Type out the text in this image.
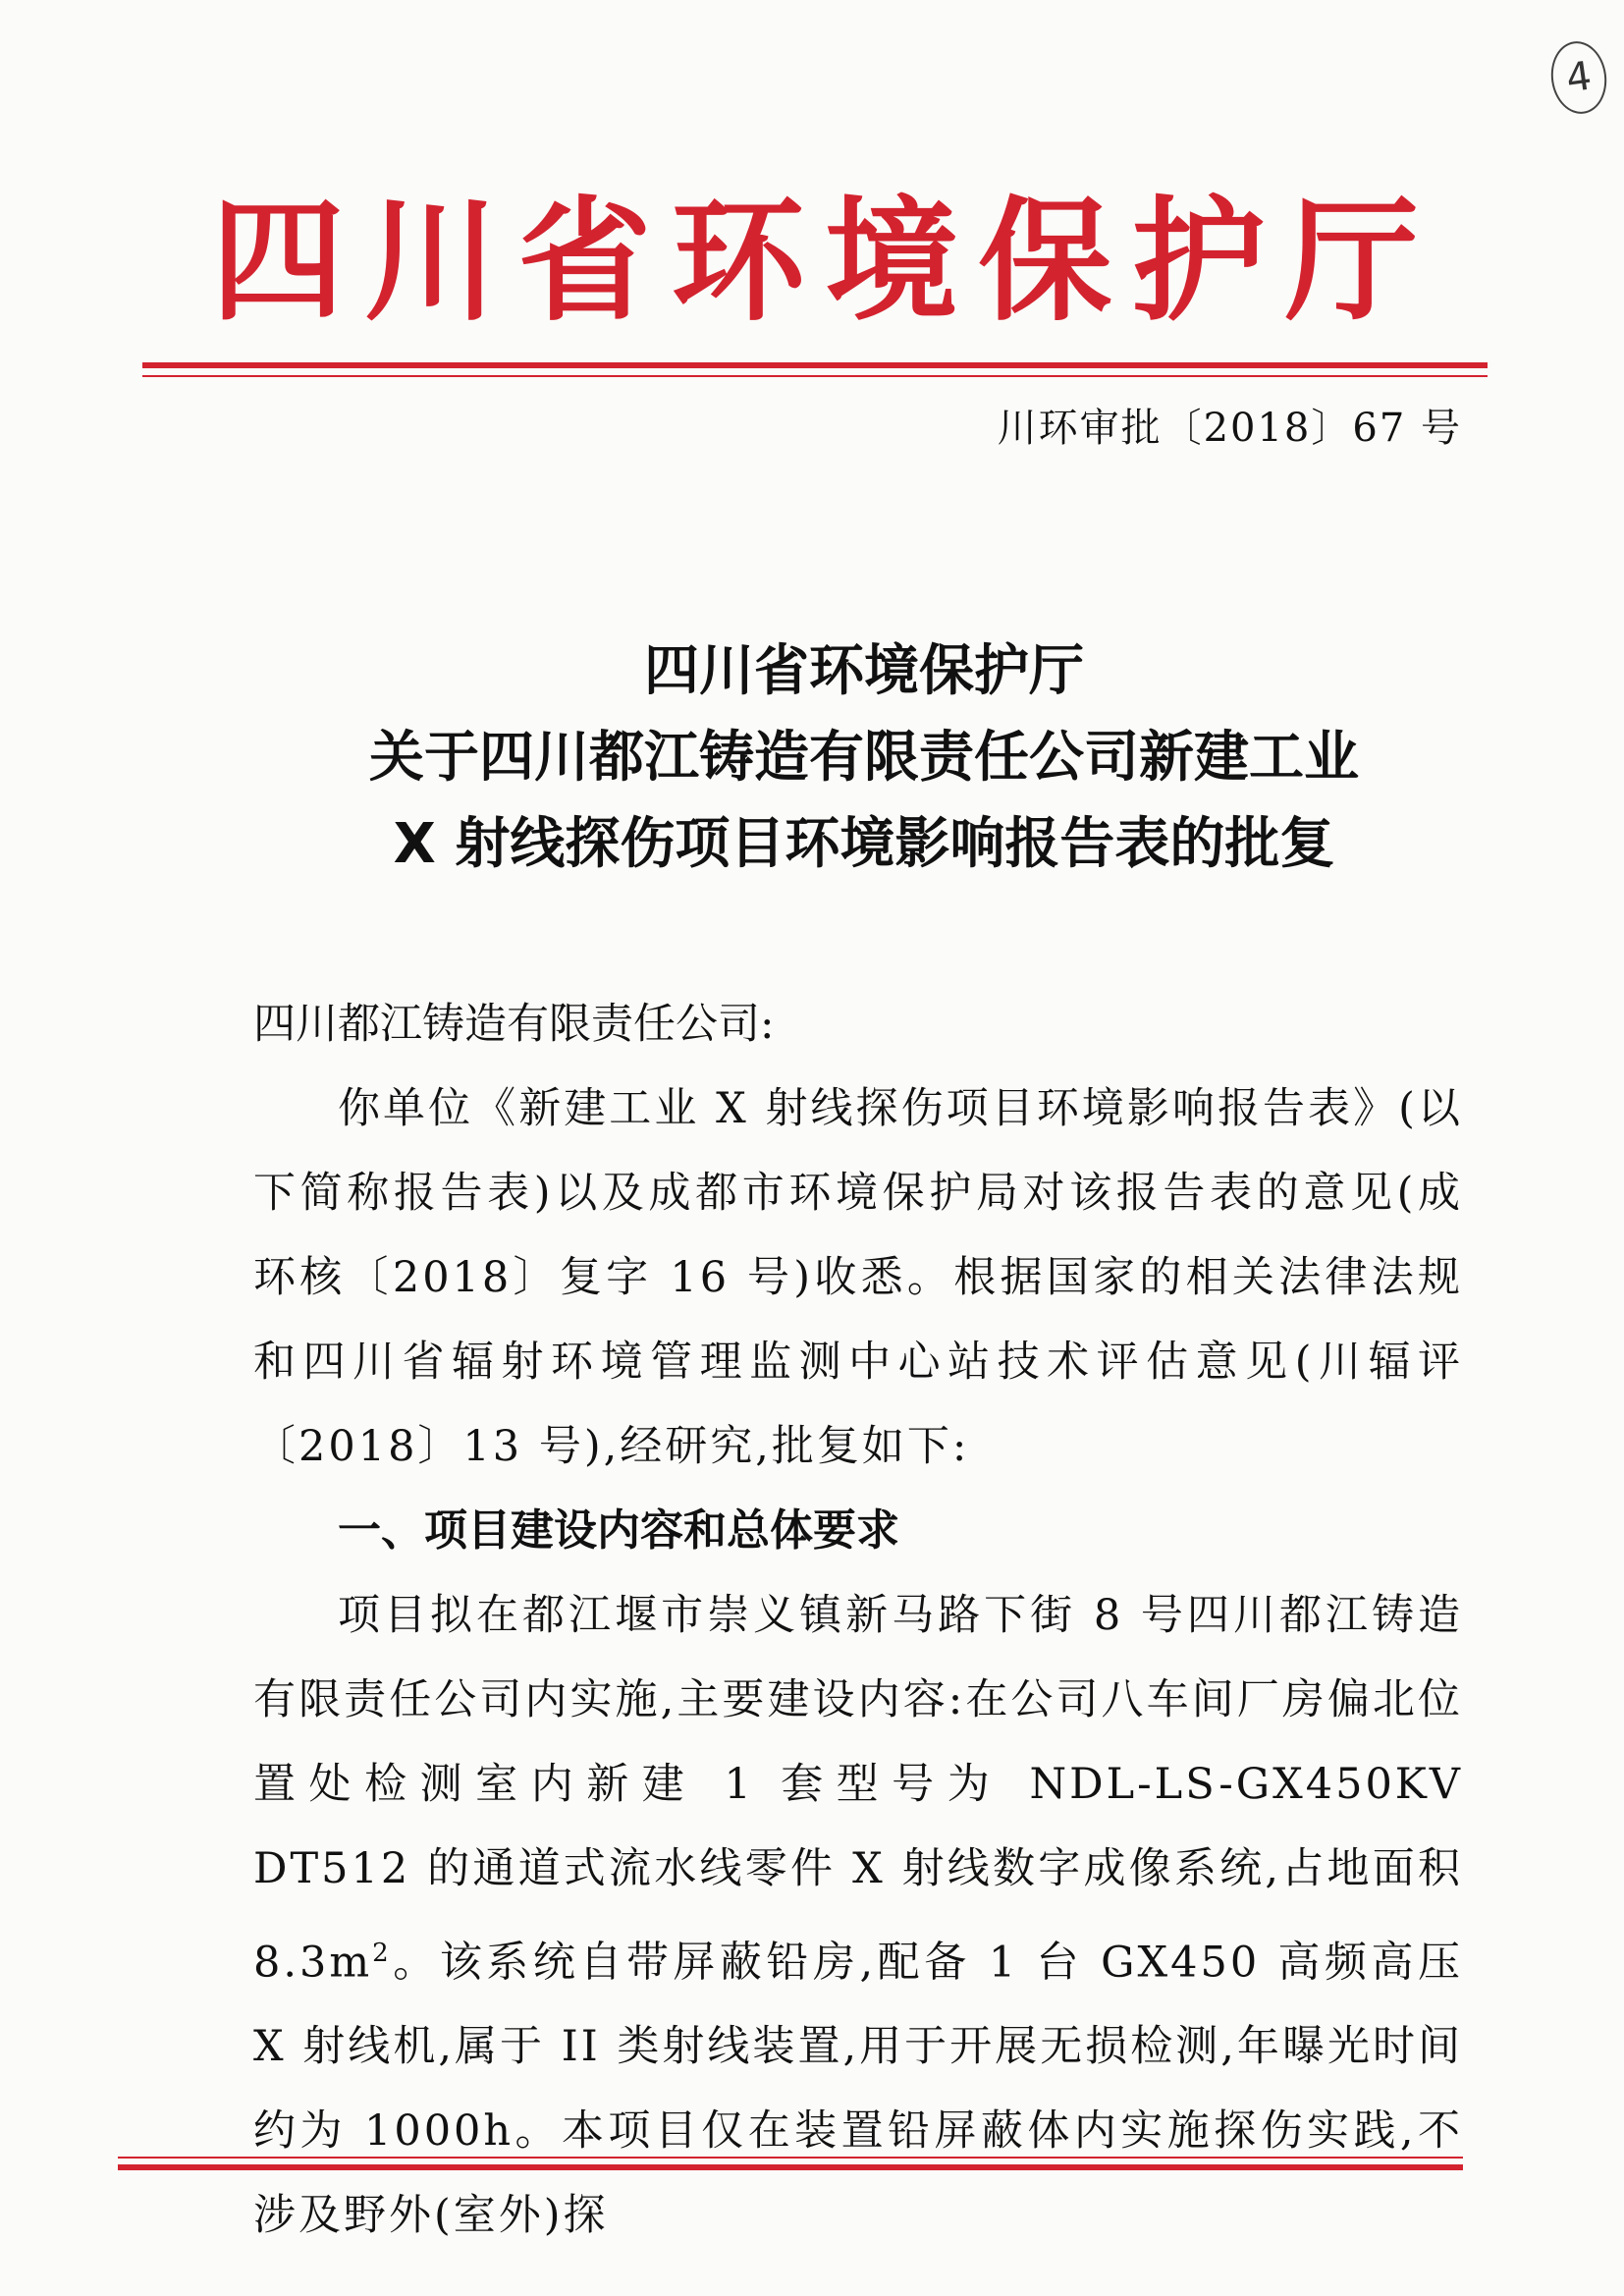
4
四 川 省 环 境 保 护 厅
川环审批〔2018〕67 号
四川省环境保护厅
关于四川都江铸造有限责任公司新建工业
X 射线探伤项目环境影响报告表的批复
四川都江铸造有限责任公司:
你单位《新建工业 X 射线探伤项目环境影响报告表》(以下简称报告表)以及成都市环境保护局对该报告表的意见(成环核〔2018〕复字 16 号)收悉。根据国家的相关法律法规和四川省辐射环境管理监测中心站技术评估意见(川辐评〔2018〕13 号),经研究,批复如下:
一、项目建设内容和总体要求
项目拟在都江堰市崇义镇新马路下街 8 号四川都江铸造有限责任公司内实施,主要建设内容:在公司八车间厂房偏北位置处检测室内新建 1 套型号为 NDL-LS-GX450KV DT512 的通道式流水线零件 X 射线数字成像系统,占地面积 $8.3m^2$。该系统自带屏蔽铅房,配备 1 台 GX450 高频高压 X 射线机,属于 II 类射线装置,用于开展无损检测,年曝光时间约为 1000h。本项目仅在装置铅屏蔽体内实施探伤实践,不涉及野外(室外)探
